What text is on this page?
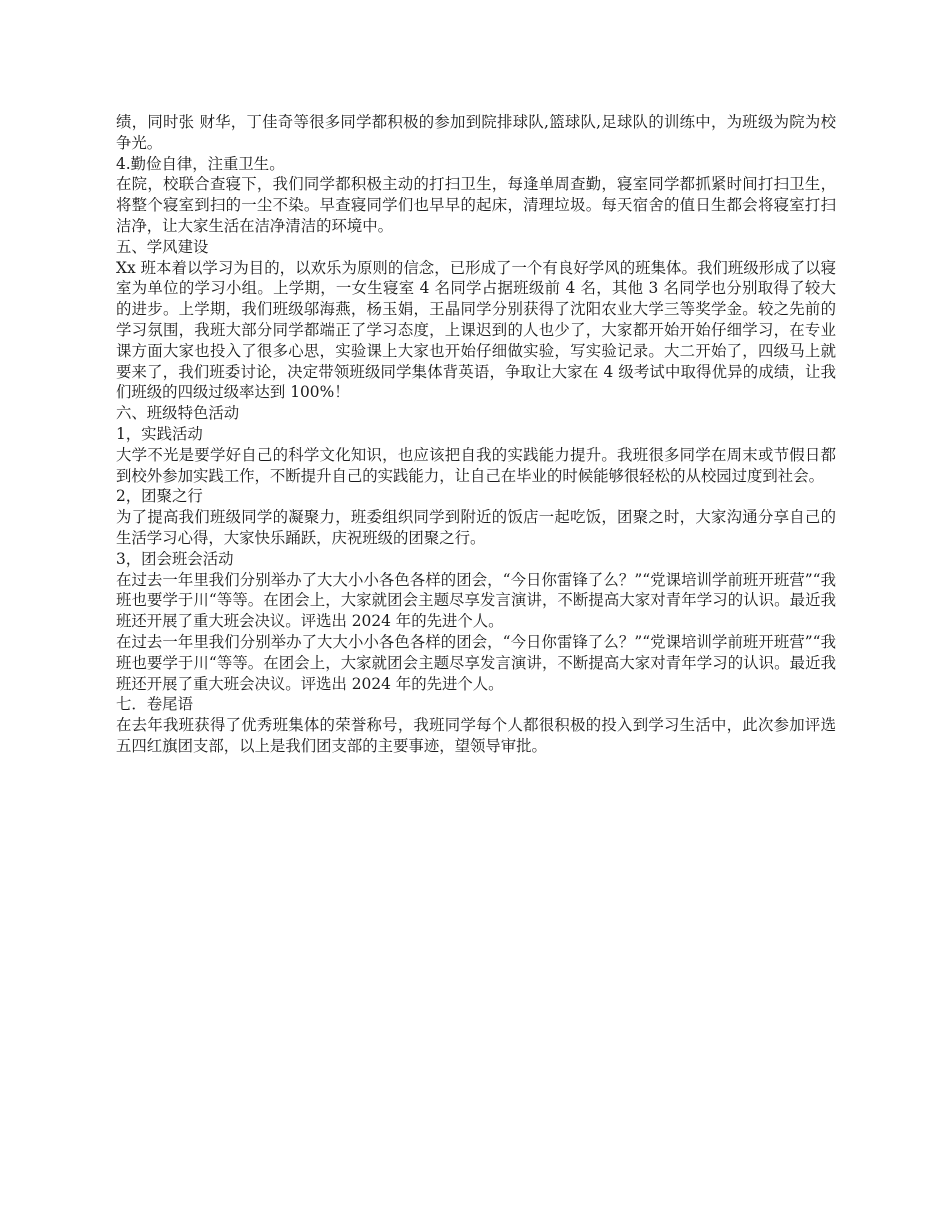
绩，同时张 财华，丁佳奇等很多同学都积极的参加到院排球队,篮球队,足球队的训练中，为班级为院为校争光。

4.勤俭自律，注重卫生。

在院，校联合查寝下，我们同学都积极主动的打扫卫生，每逢单周查勤，寝室同学都抓紧时间打扫卫生，将整个寝室到扫的一尘不染。早查寝同学们也早早的起床，清理垃圾。每天宿舍的值日生都会将寝室打扫洁净，让大家生活在洁净清洁的环境中。

五、学风建设

Xx 班本着以学习为目的，以欢乐为原则的信念，已形成了一个有良好学风的班集体。我们班级形成了以寝室为单位的学习小组。上学期，一女生寝室 4 名同学占据班级前 4 名，其他 3 名同学也分别取得了较大的进步。上学期，我们班级邬海燕，杨玉娟，王晶同学分别获得了沈阳农业大学三等奖学金。较之先前的学习氛围，我班大部分同学都端正了学习态度，上课迟到的人也少了，大家都开始开始仔细学习，在专业课方面大家也投入了很多心思，实验课上大家也开始仔细做实验，写实验记录。大二开始了，四级马上就要来了，我们班委讨论，决定带领班级同学集体背英语，争取让大家在 4 级考试中取得优异的成绩，让我们班级的四级过级率达到 100%！

六、班级特色活动

1，实践活动

大学不光是要学好自己的科学文化知识，也应该把自我的实践能力提升。我班很多同学在周末或节假日都到校外参加实践工作，不断提升自己的实践能力，让自己在毕业的时候能够很轻松的从校园过度到社会。

2，团聚之行

为了提高我们班级同学的凝聚力，班委组织同学到附近的饭店一起吃饭，团聚之时，大家沟通分享自己的生活学习心得，大家快乐踊跃，庆祝班级的团聚之行。

3，团会班会活动

在过去一年里我们分别举办了大大小小各色各样的团会，“今日你雷锋了么？”“党课培训学前班开班营”“我班也要学于川“等等。在团会上，大家就团会主题尽享发言演讲，不断提高大家对青年学习的认识。最近我班还开展了重大班会决议。评选出 2024 年的先进个人。

在过去一年里我们分别举办了大大小小各色各样的团会，“今日你雷锋了么？”“党课培训学前班开班营”“我班也要学于川“等等。在团会上，大家就团会主题尽享发言演讲，不断提高大家对青年学习的认识。最近我班还开展了重大班会决议。评选出 2024 年的先进个人。

七．卷尾语

在去年我班获得了优秀班集体的荣誉称号，我班同学每个人都很积极的投入到学习生活中，此次参加评选五四红旗团支部，以上是我们团支部的主要事迹，望领导审批。
